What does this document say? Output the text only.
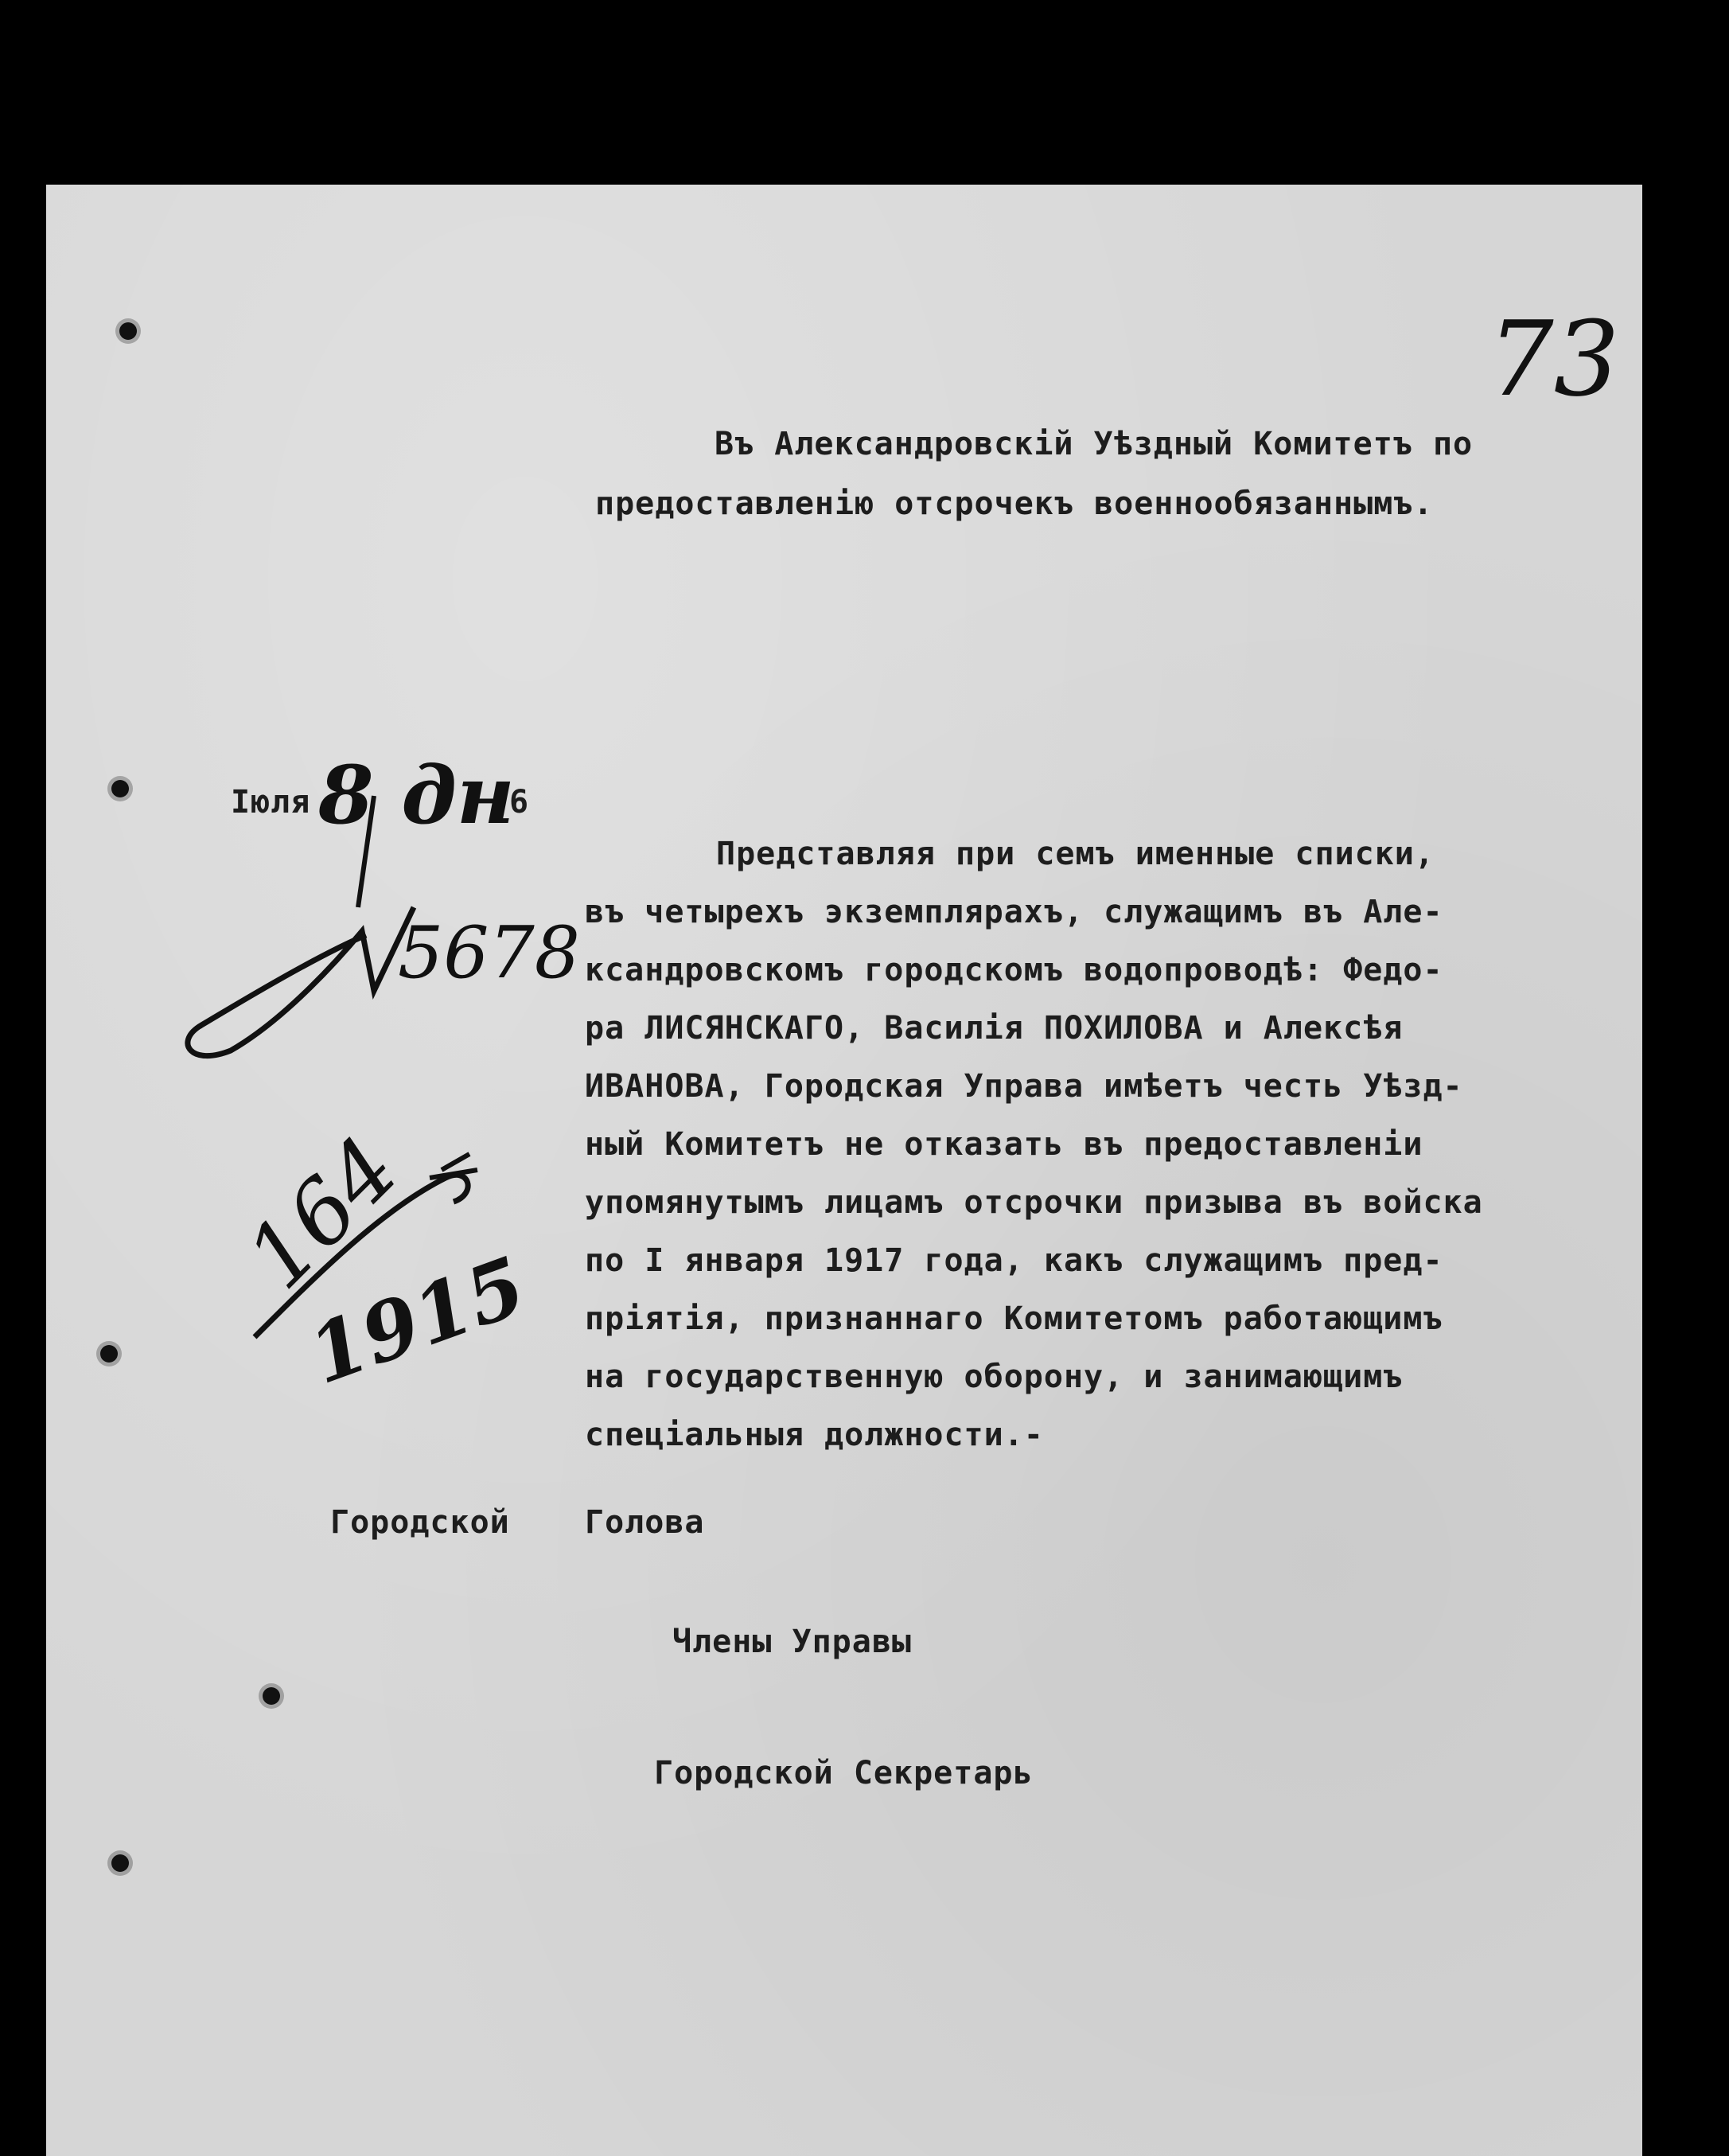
73
Въ Александровскій Уѣздный Комитетъ по
предоставленію отсрочекъ военнообязаннымъ.
Іюля 8 дн
6
5678
164
1915
Представляя при семъ именные списки,
въ четырехъ экземплярахъ, служащимъ въ Але-
ксандровскомъ городскомъ водопроводѣ: Федо-
ра ЛИСЯНСКАГО, Василія ПОХИЛОВА и Алексѣя
ИВАНОВА, Городская Управа имѣетъ честь Уѣзд-
ный Комитетъ не отказать въ предоставленіи
упомянутымъ лицамъ отсрочки призыва въ войска
по I января 1917 года, какъ служащимъ пред-
пріятія, признаннаго Комитетомъ работающимъ
на государственную оборону, и занимающимъ
спеціальныя должности.-
Городской Голова
Члены Управы
Городской Секретарь
